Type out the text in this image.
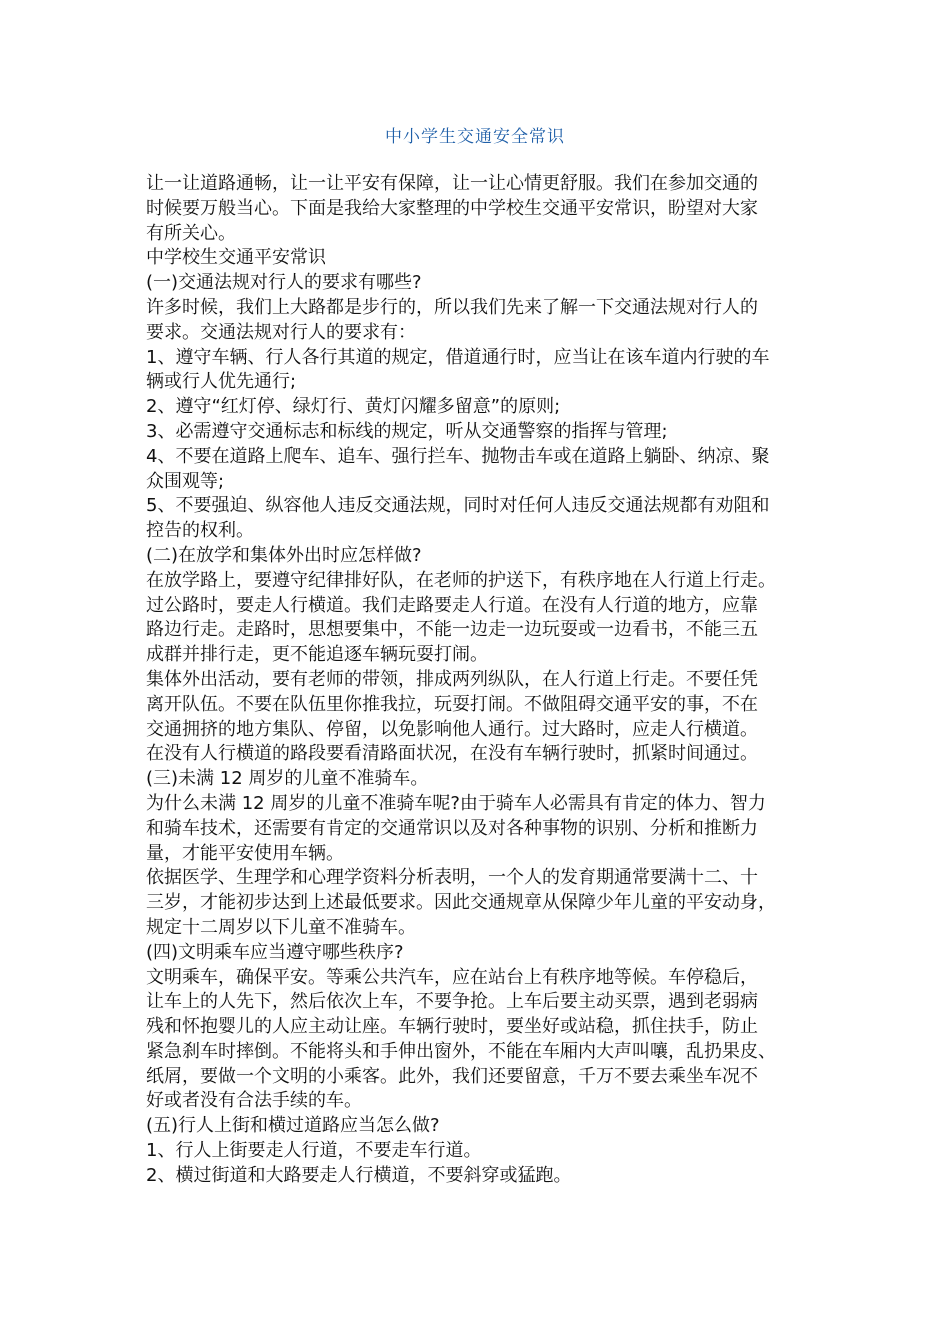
中小学生交通安全常识

让一让道路通畅，让一让平安有保障，让一让心情更舒服。我们在参加交通的

时候要万般当心。下面是我给大家整理的中学校生交通平安常识，盼望对大家

有所关心。

中学校生交通平安常识

(一)交通法规对行人的要求有哪些?

许多时候，我们上大路都是步行的，所以我们先来了解一下交通法规对行人的

要求。交通法规对行人的要求有：

1、遵守车辆、行人各行其道的规定，借道通行时，应当让在该车道内行驶的车

辆或行人优先通行;

2、遵守“红灯停、绿灯行、黄灯闪耀多留意”的原则;

3、必需遵守交通标志和标线的规定，听从交通警察的指挥与管理;

4、不要在道路上爬车、追车、强行拦车、抛物击车或在道路上躺卧、纳凉、聚

众围观等;

5、不要强迫、纵容他人违反交通法规，同时对任何人违反交通法规都有劝阻和

控告的权利。

(二)在放学和集体外出时应怎样做?

在放学路上，要遵守纪律排好队，在老师的护送下，有秩序地在人行道上行走。

过公路时，要走人行横道。我们走路要走人行道。在没有人行道的地方，应靠

路边行走。走路时，思想要集中，不能一边走一边玩耍或一边看书，不能三五

成群并排行走，更不能追逐车辆玩耍打闹。

集体外出活动，要有老师的带领，排成两列纵队，在人行道上行走。不要任凭

离开队伍。不要在队伍里你推我拉，玩耍打闹。不做阻碍交通平安的事，不在

交通拥挤的地方集队、停留，以免影响他人通行。过大路时，应走人行横道。

在没有人行横道的路段要看清路面状况，在没有车辆行驶时，抓紧时间通过。

(三)未满 12 周岁的儿童不准骑车。

为什么未满 12 周岁的儿童不准骑车呢?由于骑车人必需具有肯定的体力、智力

和骑车技术，还需要有肯定的交通常识以及对各种事物的识别、分析和推断力

量，才能平安使用车辆。

依据医学、生理学和心理学资料分析表明，一个人的发育期通常要满十二、十

三岁，才能初步达到上述最低要求。因此交通规章从保障少年儿童的平安动身，

规定十二周岁以下儿童不准骑车。

(四)文明乘车应当遵守哪些秩序?

文明乘车，确保平安。等乘公共汽车，应在站台上有秩序地等候。车停稳后，

让车上的人先下，然后依次上车，不要争抢。上车后要主动买票，遇到老弱病

残和怀抱婴儿的人应主动让座。车辆行驶时，要坐好或站稳，抓住扶手，防止

紧急刹车时摔倒。不能将头和手伸出窗外，不能在车厢内大声叫嚷，乱扔果皮、

纸屑，要做一个文明的小乘客。此外，我们还要留意，千万不要去乘坐车况不

好或者没有合法手续的车。

(五)行人上街和横过道路应当怎么做?

1、行人上街要走人行道，不要走车行道。

2、横过街道和大路要走人行横道，不要斜穿或猛跑。
